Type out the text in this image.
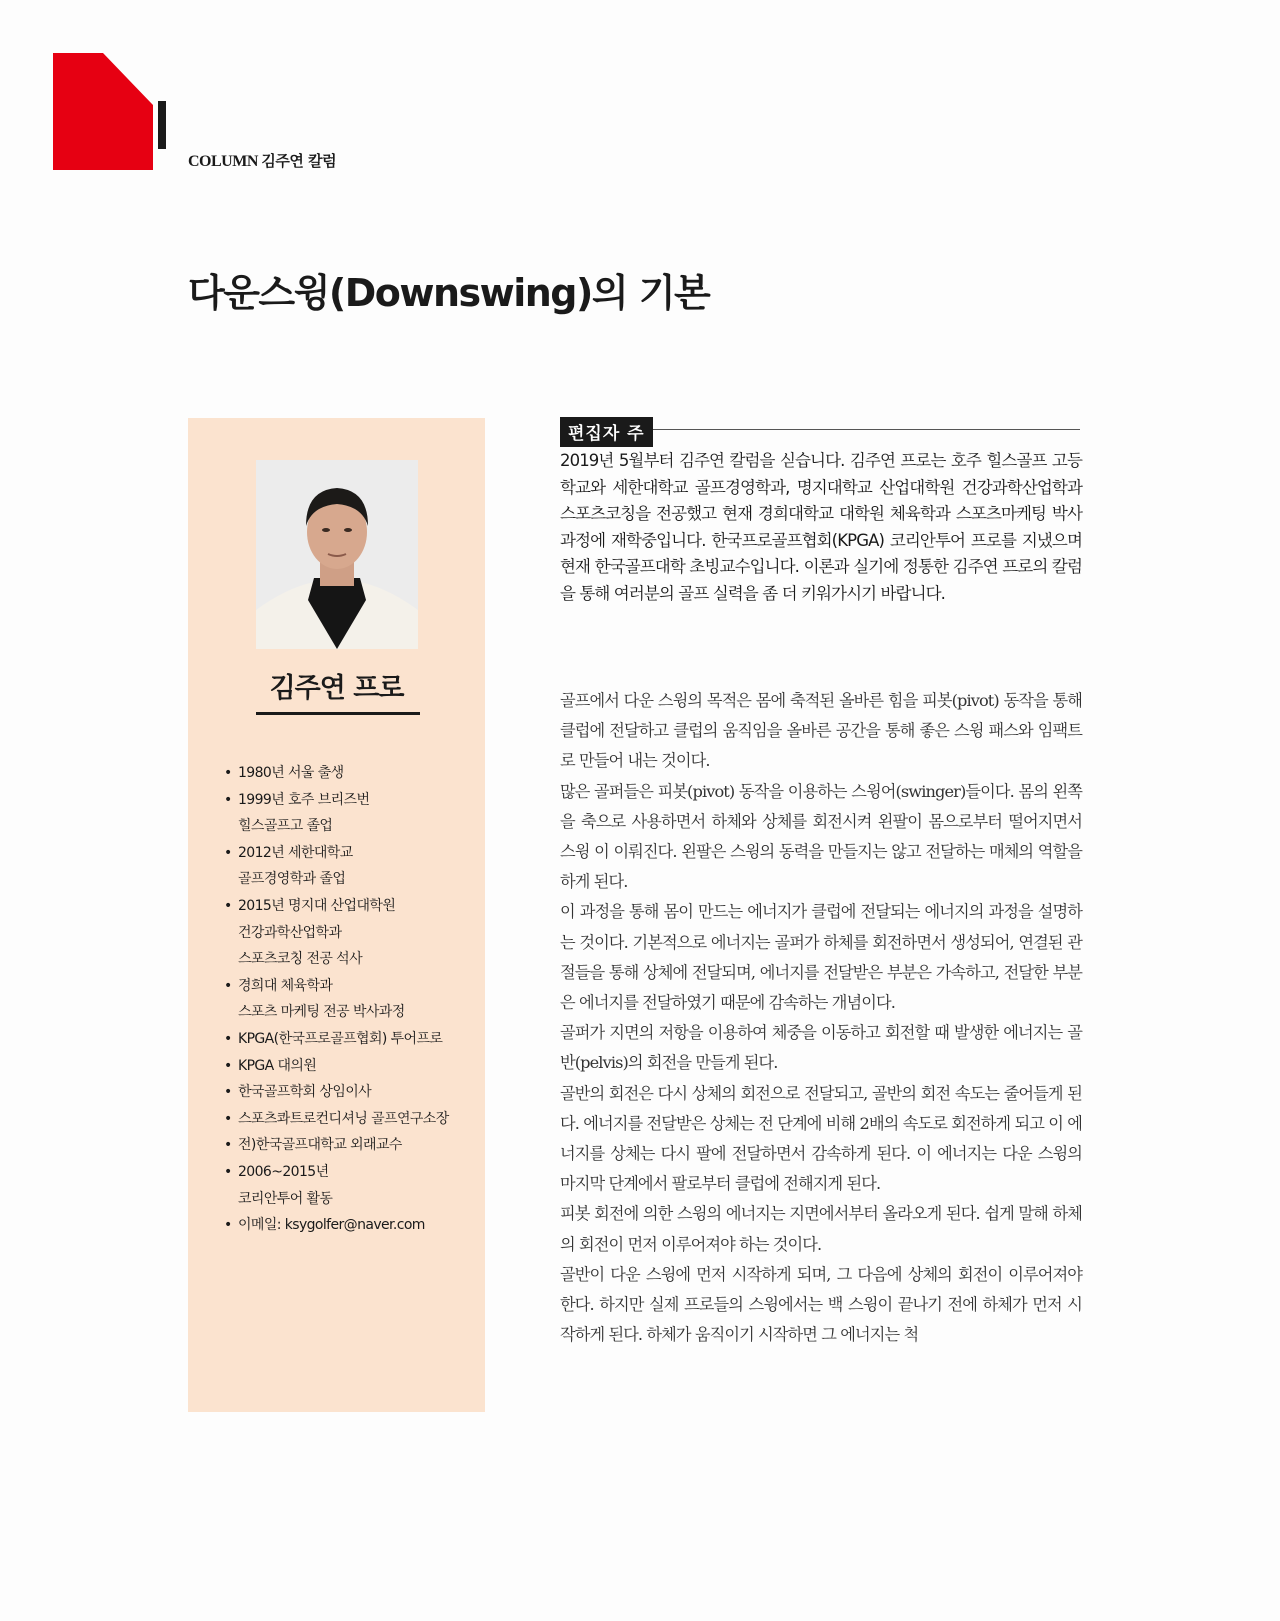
COLUMN 김주연 칼럼
다운스윙(Downswing)의 기본
김주연 프로
• 1980년 서울 출생
• 1999년 호주 브리즈번
힐스골프고 졸업
• 2012년 세한대학교
골프경영학과 졸업
• 2015년 명지대 산업대학원
건강과학산업학과
스포츠코칭 전공 석사
• 경희대 체육학과
스포츠 마케팅 전공 박사과정
• KPGA(한국프로골프협회) 투어프로
• KPGA 대의원
• 한국골프학회 상임이사
• 스포츠콰트로컨디셔닝 골프연구소장
• 전)한국골프대학교 외래교수
• 2006~2015년
코리안투어 활동
• 이메일: ksygolfer@naver.com
편집자 주

2019년 5월부터 김주연 칼럼을 싣습니다. 김주연 프로는 호주 힐스골프 고등학교와 세한대학교 골프경영학과, 명지대학교 산업대학원 건강과학산업학과 스포츠코칭을 전공했고 현재 경희대학교 대학원 체육학과 스포츠마케팅 박사과정에 재학중입니다. 한국프로골프협회(KPGA) 코리안투어 프로를 지냈으며 현재 한국골프대학 초빙교수입니다. 이론과 실기에 정통한 김주연 프로의 칼럼을 통해 여러분의 골프 실력을 좀 더 키워가시기 바랍니다.

골프에서 다운 스윙의 목적은 몸에 축적된 올바른 힘을 피봇(pivot) 동작을 통해 클럽에 전달하고 클럽의 움직임을 올바른 공간을 통해 좋은 스윙 패스와 임팩트로 만들어 내는 것이다.

많은 골퍼들은 피봇(pivot) 동작을 이용하는 스윙어(swinger)들이다. 몸의 왼쪽을 축으로 사용하면서 하체와 상체를 회전시켜 왼팔이 몸으로부터 떨어지면서 스윙 이 이뤄진다. 왼팔은 스윙의 동력을 만들지는 않고 전달하는 매체의 역할을 하게 된다.

이 과정을 통해 몸이 만드는 에너지가 클럽에 전달되는 에너지의 과정을 설명하는 것이다. 기본적으로 에너지는 골퍼가 하체를 회전하면서 생성되어, 연결된 관절들을 통해 상체에 전달되며, 에너지를 전달받은 부분은 가속하고, 전달한 부분은 에너지를 전달하였기 때문에 감속하는 개념이다.

골퍼가 지면의 저항을 이용하여 체중을 이동하고 회전할 때 발생한 에너지는 골반(pelvis)의 회전을 만들게 된다.

골반의 회전은 다시 상체의 회전으로 전달되고, 골반의 회전 속도는 줄어들게 된다. 에너지를 전달받은 상체는 전 단계에 비해 2배의 속도로 회전하게 되고 이 에너지를 상체는 다시 팔에 전달하면서 감속하게 된다. 이 에너지는 다운 스윙의 마지막 단계에서 팔로부터 클럽에 전해지게 된다.

피봇 회전에 의한 스윙의 에너지는 지면에서부터 올라오게 된다. 쉽게 말해 하체의 회전이 먼저 이루어져야 하는 것이다.

골반이 다운 스윙에 먼저 시작하게 되며, 그 다음에 상체의 회전이 이루어져야 한다. 하지만 실제 프로들의 스윙에서는 백 스윙이 끝나기 전에 하체가 먼저 시작하게 된다. 하체가 움직이기 시작하면 그 에너지는 척
